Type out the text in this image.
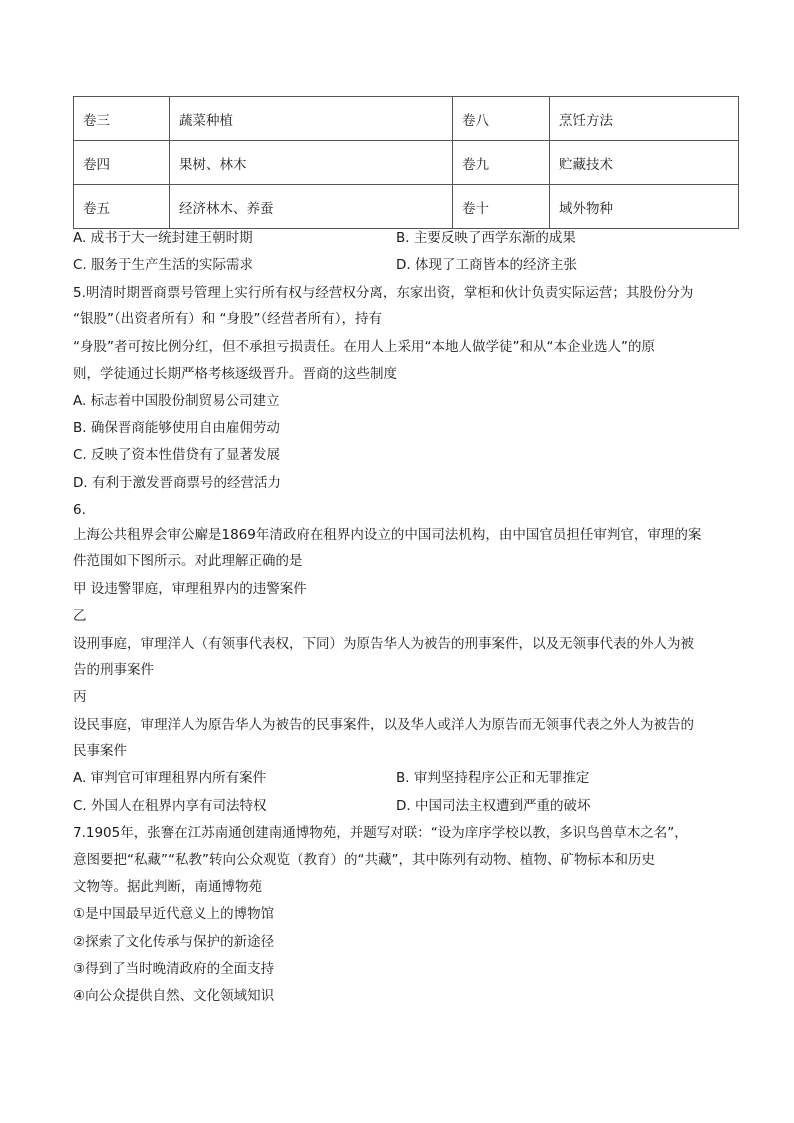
卷三	蔬菜种植	卷八	烹饪方法
卷四	果树、林木	卷九	贮藏技术
卷五	经济林木、养蚕	卷十	域外物种
A. 成书于大一统封建王朝时期	B. 主要反映了西学东渐的成果
C. 服务于生产生活的实际需求	D. 体现了工商皆本的经济主张
5.明清时期晋商票号管理上实行所有权与经营权分离，东家出资，掌柜和伙计负责实际运营；其股份分为
“银股”（出资者所有）和 “身股”（经营者所有），持有
“身股”者可按比例分红，但不承担亏损责任。在用人上采用“本地人做学徒”和从“本企业选人”的原
则，学徒通过长期严格考核逐级晋升。晋商的这些制度
A. 标志着中国股份制贸易公司建立
B. 确保晋商能够使用自由雇佣劳动
C. 反映了资本性借贷有了显著发展
D. 有利于激发晋商票号的经营活力
6.
上海公共租界会审公廨是1869年清政府在租界内设立的中国司法机构，由中国官员担任审判官，审理的案
件范围如下图所示。对此理解正确的是
甲 设违警罪庭，审理租界内的违警案件
乙
设刑事庭，审理洋人（有领事代表权，下同）为原告华人为被告的刑事案件，以及无领事代表的外人为被
告的刑事案件
丙
设民事庭，审理洋人为原告华人为被告的民事案件，以及华人或洋人为原告而无领事代表之外人为被告的
民事案件
A. 审判官可审理租界内所有案件	B. 审判坚持程序公正和无罪推定
C. 外国人在租界内享有司法特权	D. 中国司法主权遭到严重的破坏
7.1905年，张謇在江苏南通创建南通博物苑，并题写对联：“设为庠序学校以教，多识鸟兽草木之名”，
意图要把“私藏”“私教”转向公众观览（教育）的“共藏”，其中陈列有动物、植物、矿物标本和历史
文物等。据此判断，南通博物苑
①是中国最早近代意义上的博物馆
②探索了文化传承与保护的新途径
③得到了当时晚清政府的全面支持
④向公众提供自然、文化领域知识
